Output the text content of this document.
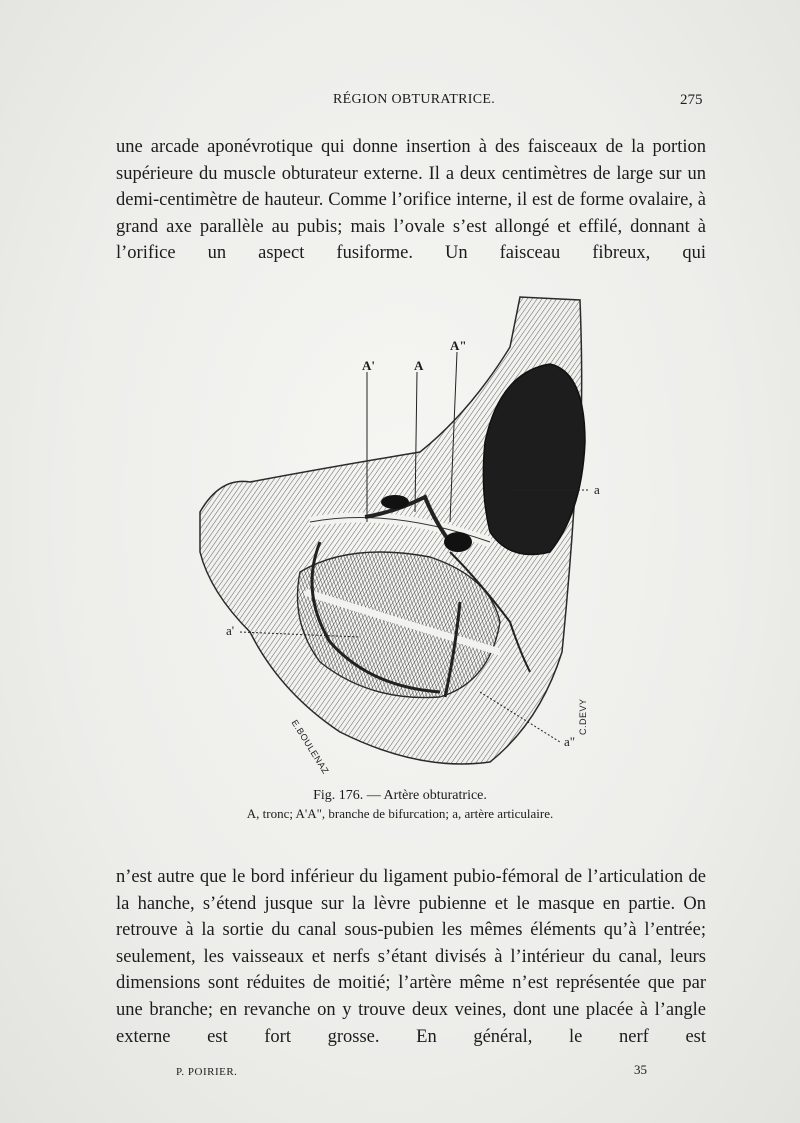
RÉGION OBTURATRICE.	275

une arcade aponévrotique qui donne insertion à des faisceaux de la portion supérieure du muscle obturateur externe. Il a deux centimètres de large sur un demi-centimètre de hauteur. Comme l’orifice interne, il est de forme ovalaire, à grand axe parallèle au pubis; mais l’ovale s’est allongé et effilé, donnant à l’orifice un aspect fusiforme. Un faisceau fibreux, qui

A'	A
A"
a
a'
a"
E.BOULENAZ
C.DEVY
Fig. 176. — Artère obturatrice.
A, tronc; A'A", branche de bifurcation; a, artère articulaire.

n’est autre que le bord inférieur du ligament pubio-fémoral de l’articulation de la hanche, s’étend jusque sur la lèvre pubienne et le masque en partie. On retrouve à la sortie du canal sous-pubien les mêmes éléments qu’à l’entrée; seulement, les vaisseaux et nerfs s’étant divisés à l’intérieur du canal, leurs dimensions sont réduites de moitié; l’artère même n’est représentée que par une branche; en revanche on y trouve deux veines, dont une placée à l’angle externe est fort grosse. En général, le nerf est

P. POIRIER.	35
